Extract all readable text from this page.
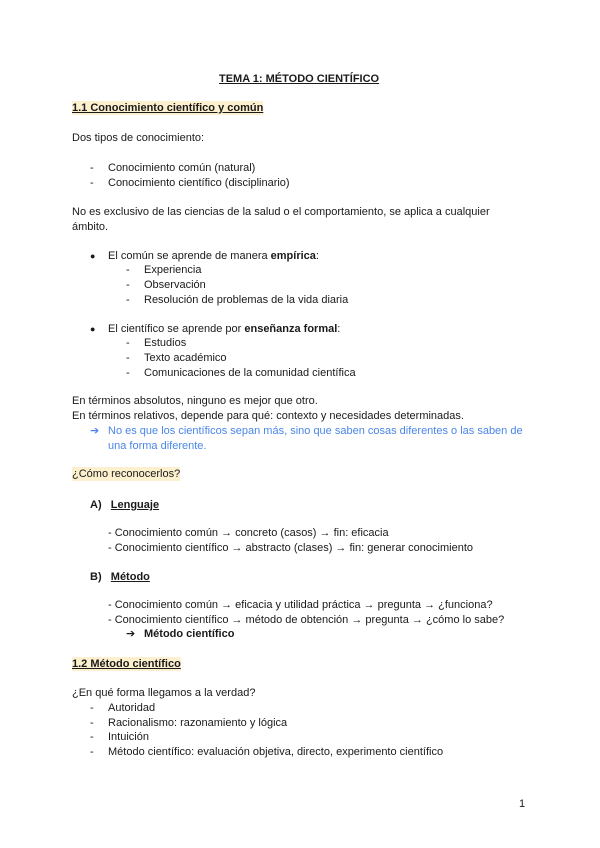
TEMA 1: MÉTODO CIENTÍFICO
1.1 Conocimiento científico y común
Dos tipos de conocimiento:
- Conocimiento común (natural)
- Conocimiento científico (disciplinario)
No es exclusivo de las ciencias de la salud o el comportamiento, se aplica a cualquier
ámbito.
● El común se aprende de manera empírica:
- Experiencia
- Observación
- Resolución de problemas de la vida diaria
● El científico se aprende por enseñanza formal:
- Estudios
- Texto académico
- Comunicaciones de la comunidad científica
En términos absolutos, ninguno es mejor que otro.
En términos relativos, depende para qué: contexto y necesidades determinadas.
➔ No es que los científicos sepan más, sino que saben cosas diferentes o las saben de
una forma diferente.
¿Cómo reconocerlos?
A) Lenguaje
- Conocimiento común → concreto (casos) → fin: eficacia
- Conocimiento científico → abstracto (clases) → fin: generar conocimiento
B) Método
- Conocimiento común → eficacia y utilidad práctica → pregunta → ¿funciona?
- Conocimiento científico → método de obtención → pregunta → ¿cómo lo sabe?
➔ Método científico
1.2 Método científico
¿En qué forma llegamos a la verdad?
- Autoridad
- Racionalismo: razonamiento y lógica
- Intuición
- Método científico: evaluación objetiva, directo, experimento científico
1
